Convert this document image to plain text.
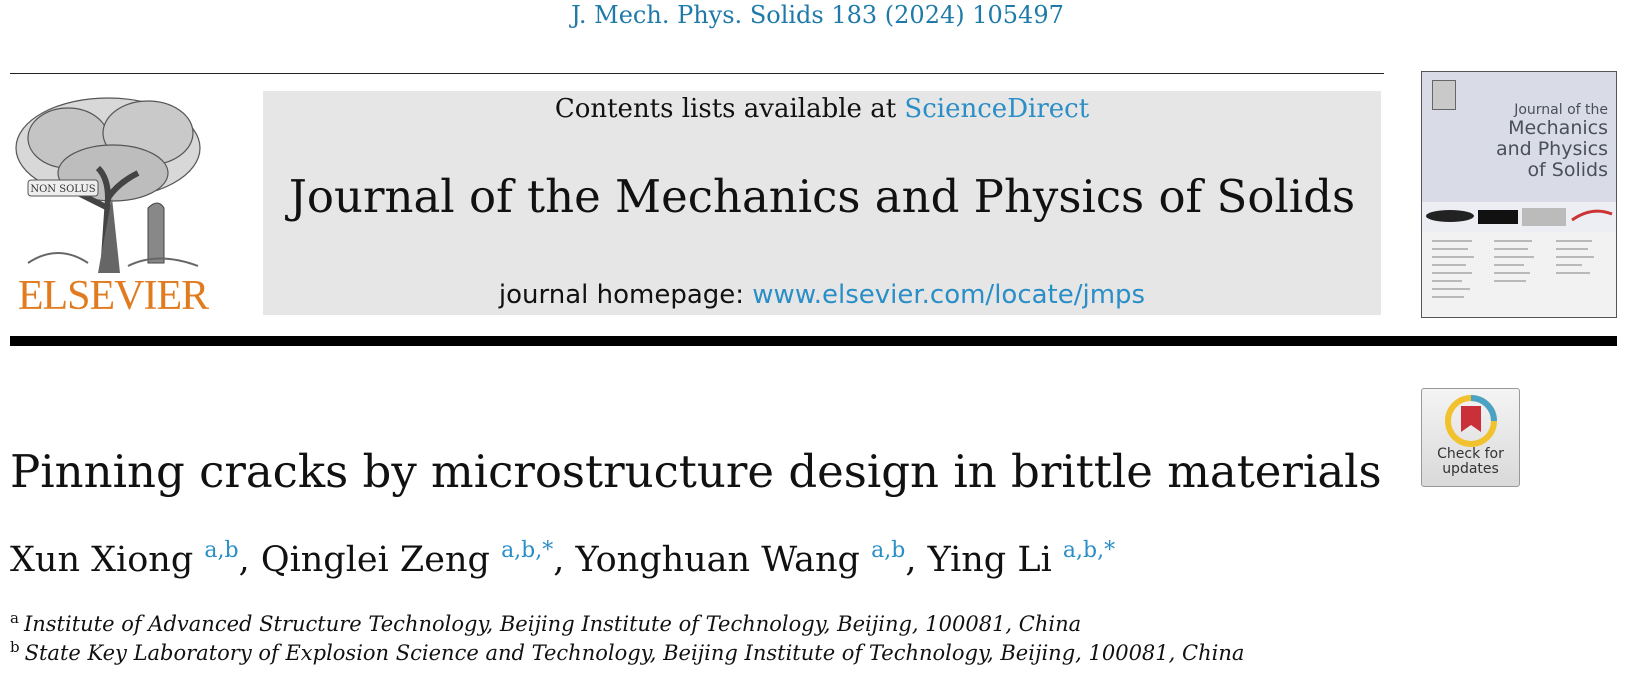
J. Mech. Phys. Solids 183 (2024) 105497
NON SOLUS
ELSEVIER
Contents lists available at ScienceDirect
Journal of the Mechanics and Physics of Solids
journal homepage: www.elsevier.com/locate/jmps
Journal of the
Mechanics
and Physics
of Solids
Check for
updates
Pinning cracks by microstructure design in brittle materials
Xun Xiong $^{a,b}$, Qinglei Zeng $^{a,b,*}$, Yonghuan Wang $^{a,b}$, Ying Li $^{a,b,*}$
$^a$ Institute of Advanced Structure Technology, Beijing Institute of Technology, Beijing, 100081, China
$^b$ State Key Laboratory of Explosion Science and Technology, Beijing Institute of Technology, Beijing, 100081, China
